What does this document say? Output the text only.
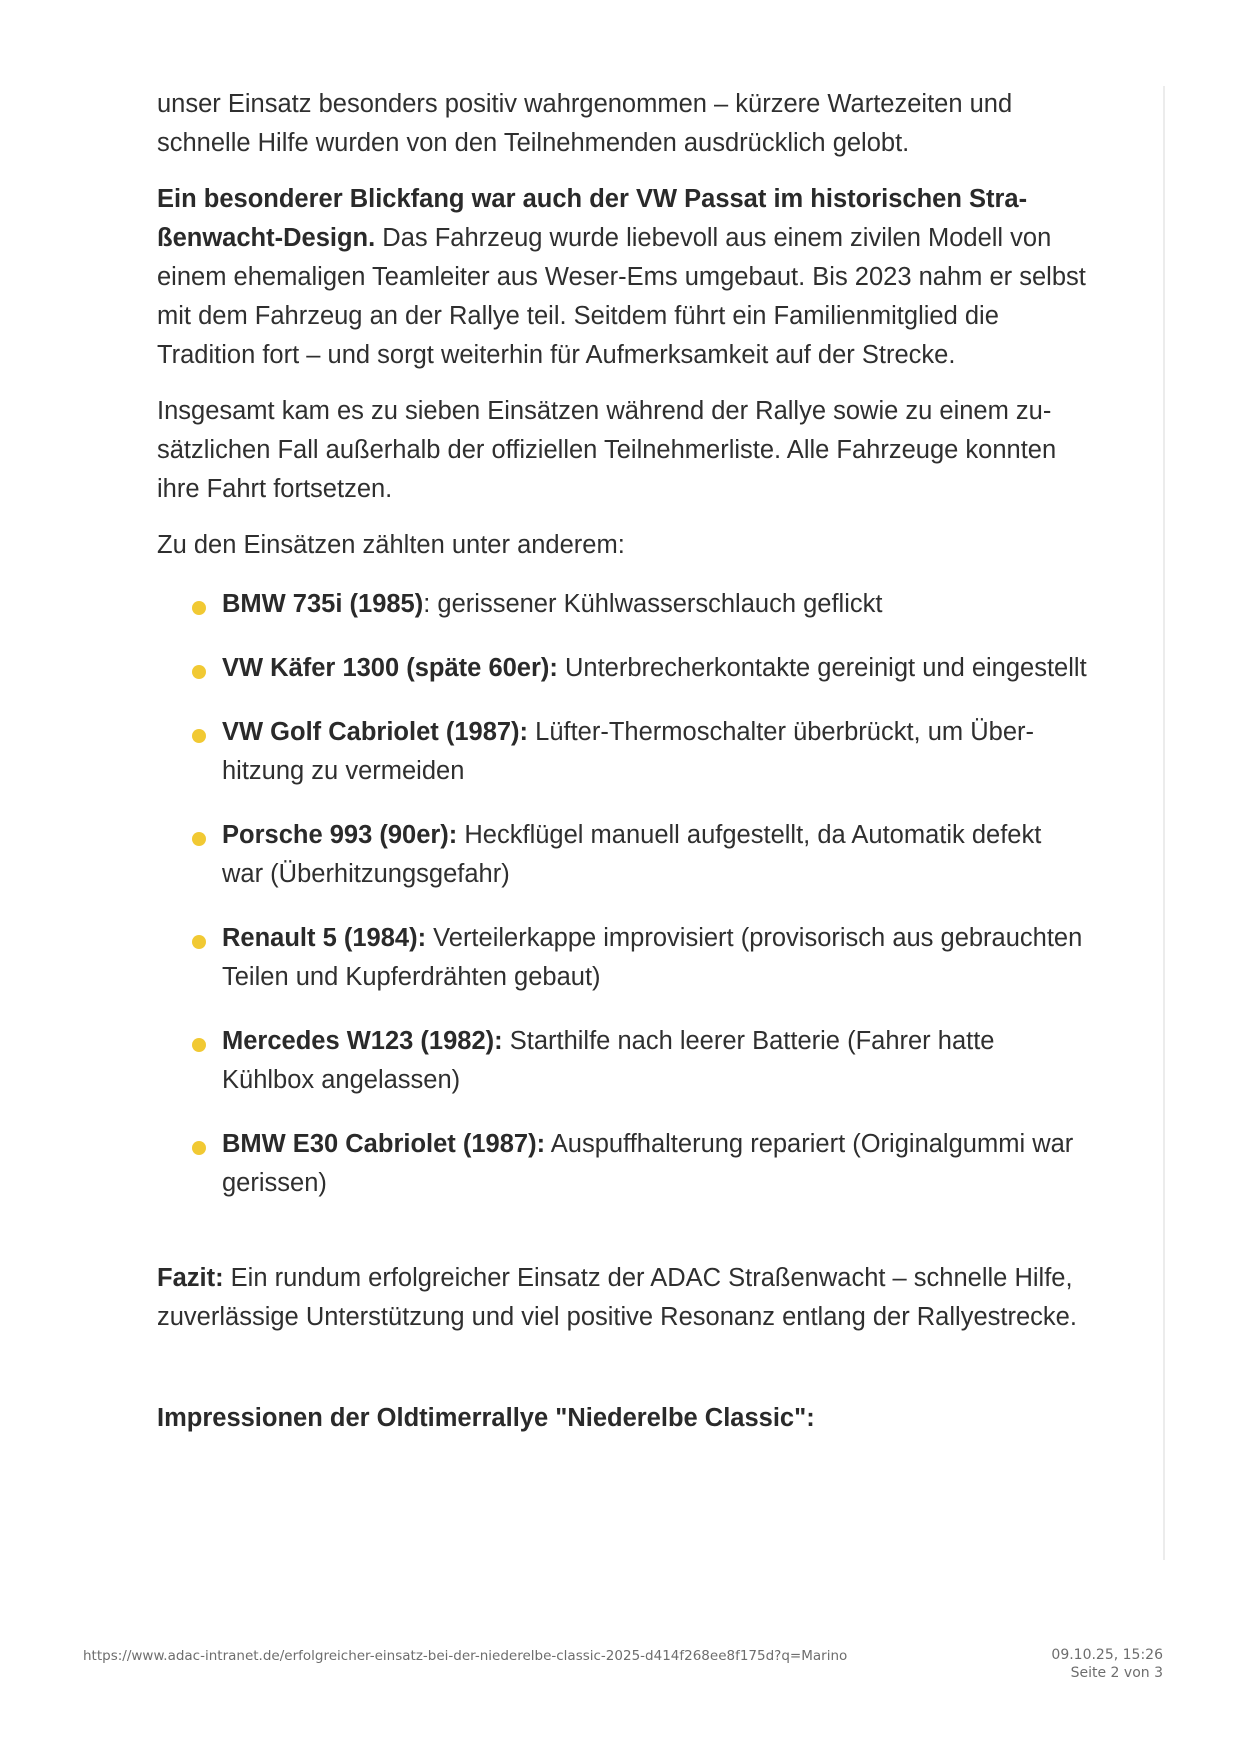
unser Einsatz besonders positiv wahrgenommen – kürzere Wartezeiten und schnelle Hilfe wurden von den Teilnehmenden ausdrücklich gelobt.

Ein besonderer Blickfang war auch der VW Passat im historischen Straßenwacht-Design. Das Fahrzeug wurde liebevoll aus einem zivilen Modell von einem ehemaligen Teamleiter aus Weser-Ems umgebaut. Bis 2023 nahm er selbst mit dem Fahrzeug an der Rallye teil. Seitdem führt ein Familienmitglied die Tradition fort – und sorgt weiterhin für Aufmerksamkeit auf der Strecke.

Insgesamt kam es zu sieben Einsätzen während der Rallye sowie zu einem zusätzlichen Fall außerhalb der offiziellen Teilnehmerliste. Alle Fahrzeuge konnten ihre Fahrt fortsetzen.

Zu den Einsätzen zählten unter anderem:

BMW 735i (1985): gerissener Kühlwasserschlauch geflickt
VW Käfer 1300 (späte 60er): Unterbrecherkontakte gereinigt und eingestellt
VW Golf Cabriolet (1987): Lüfter-Thermoschalter überbrückt, um Überhitzung zu vermeiden
Porsche 993 (90er): Heckflügel manuell aufgestellt, da Automatik defekt war (Überhitzungsgefahr)
Renault 5 (1984): Verteilerkappe improvisiert (provisorisch aus gebrauchten Teilen und Kupferdrähten gebaut)
Mercedes W123 (1982): Starthilfe nach leerer Batterie (Fahrer hatte Kühlbox angelassen)
BMW E30 Cabriolet (1987): Auspuffhalterung repariert (Originalgummi war gerissen)

Fazit: Ein rundum erfolgreicher Einsatz der ADAC Straßenwacht – schnelle Hilfe, zuverlässige Unterstützung und viel positive Resonanz entlang der Rallyestrecke.

Impressionen der Oldtimerrallye "Niederelbe Classic":
https://www.adac-intranet.de/erfolgreicher-einsatz-bei-der-niederelbe-classic-2025-d414f268ee8f175d?q=Marino	09.10.25, 15:26
Seite 2 von 3
